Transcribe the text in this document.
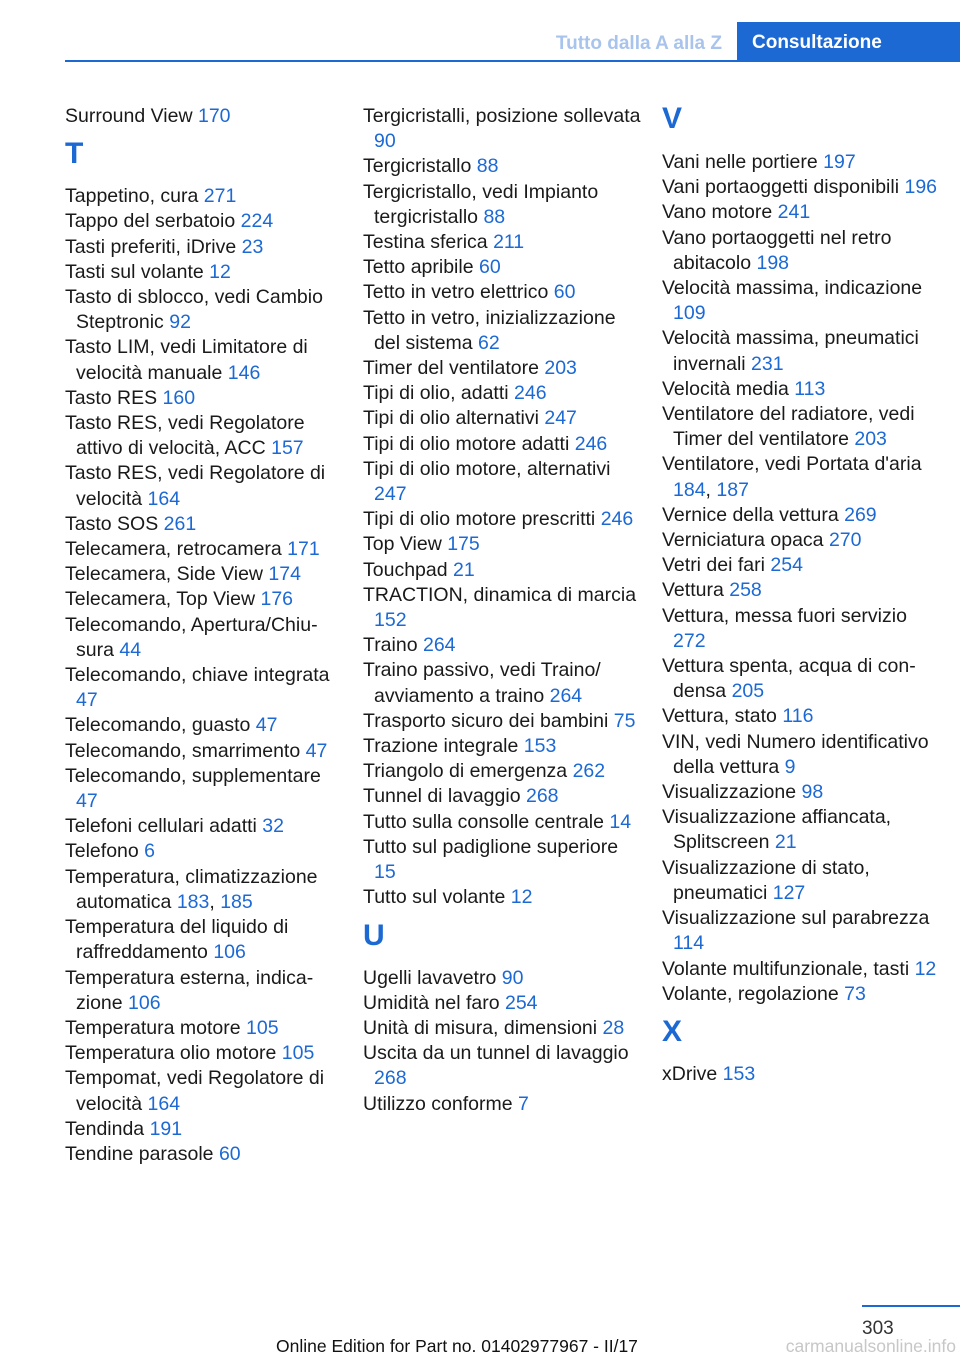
Tutto dalla A alla Z	Consultazione
Surround View 170
T
Tappetino, cura 271
Tappo del serbatoio 224
Tasti preferiti, iDrive 23
Tasti sul volante 12
Tasto di sblocco, vedi Cambio Steptronic 92
Tasto LIM, vedi Limitatore di velocità manuale 146
Tasto RES 160
Tasto RES, vedi Regolatore attivo di velocità, ACC 157
Tasto RES, vedi Regolatore di velocità 164
Tasto SOS 261
Telecamera, retrocamera 171
Telecamera, Side View 174
Telecamera, Top View 176
Telecomando, Apertura/Chiusura 44
Telecomando, chiave integrata 47
Telecomando, guasto 47
Telecomando, smarrimento 47
Telecomando, supplementare 47
Telefoni cellulari adatti 32
Telefono 6
Temperatura, climatizzazione automatica 183, 185
Temperatura del liquido di raffreddamento 106
Temperatura esterna, indicazione 106
Temperatura motore 105
Temperatura olio motore 105
Tempomat, vedi Regolatore di velocità 164
Tendinda 191
Tendine parasole 60
Tergicristalli, posizione sollevata 90
Tergicristallo 88
Tergicristallo, vedi Impianto tergicristallo 88
Testina sferica 211
Tetto apribile 60
Tetto in vetro elettrico 60
Tetto in vetro, inizializzazione del sistema 62
Timer del ventilatore 203
Tipi di olio, adatti 246
Tipi di olio alternativi 247
Tipi di olio motore adatti 246
Tipi di olio motore, alternativi 247
Tipi di olio motore prescritti 246
Top View 175
Touchpad 21
TRACTION, dinamica di marcia 152
Traino 264
Traino passivo, vedi Traino/ avviamento a traino 264
Trasporto sicuro dei bambini 75
Trazione integrale 153
Triangolo di emergenza 262
Tunnel di lavaggio 268
Tutto sulla consolle centrale 14
Tutto sul padiglione superiore 15
Tutto sul volante 12
U
Ugelli lavavetro 90
Umidità nel faro 254
Unità di misura, dimensioni 28
Uscita da un tunnel di lavaggio 268
Utilizzo conforme 7
V
Vani nelle portiere 197
Vani portaoggetti disponibili 196
Vano motore 241
Vano portaoggetti nel retro abitacolo 198
Velocità massima, indicazione 109
Velocità massima, pneumatici invernali 231
Velocità media 113
Ventilatore del radiatore, vedi Timer del ventilatore 203
Ventilatore, vedi Portata d'aria 184, 187
Vernice della vettura 269
Verniciatura opaca 270
Vetri dei fari 254
Vettura 258
Vettura, messa fuori servizio 272
Vettura spenta, acqua di condensa 205
Vettura, stato 116
VIN, vedi Numero identificativo della vettura 9
Visualizzazione 98
Visualizzazione affiancata, Splitscreen 21
Visualizzazione di stato, pneumatici 127
Visualizzazione sul parabrezza 114
Volante multifunzionale, tasti 12
Volante, regolazione 73
X
xDrive 153
303
Online Edition for Part no. 01402977967 - II/17	carmanualsonline.info
